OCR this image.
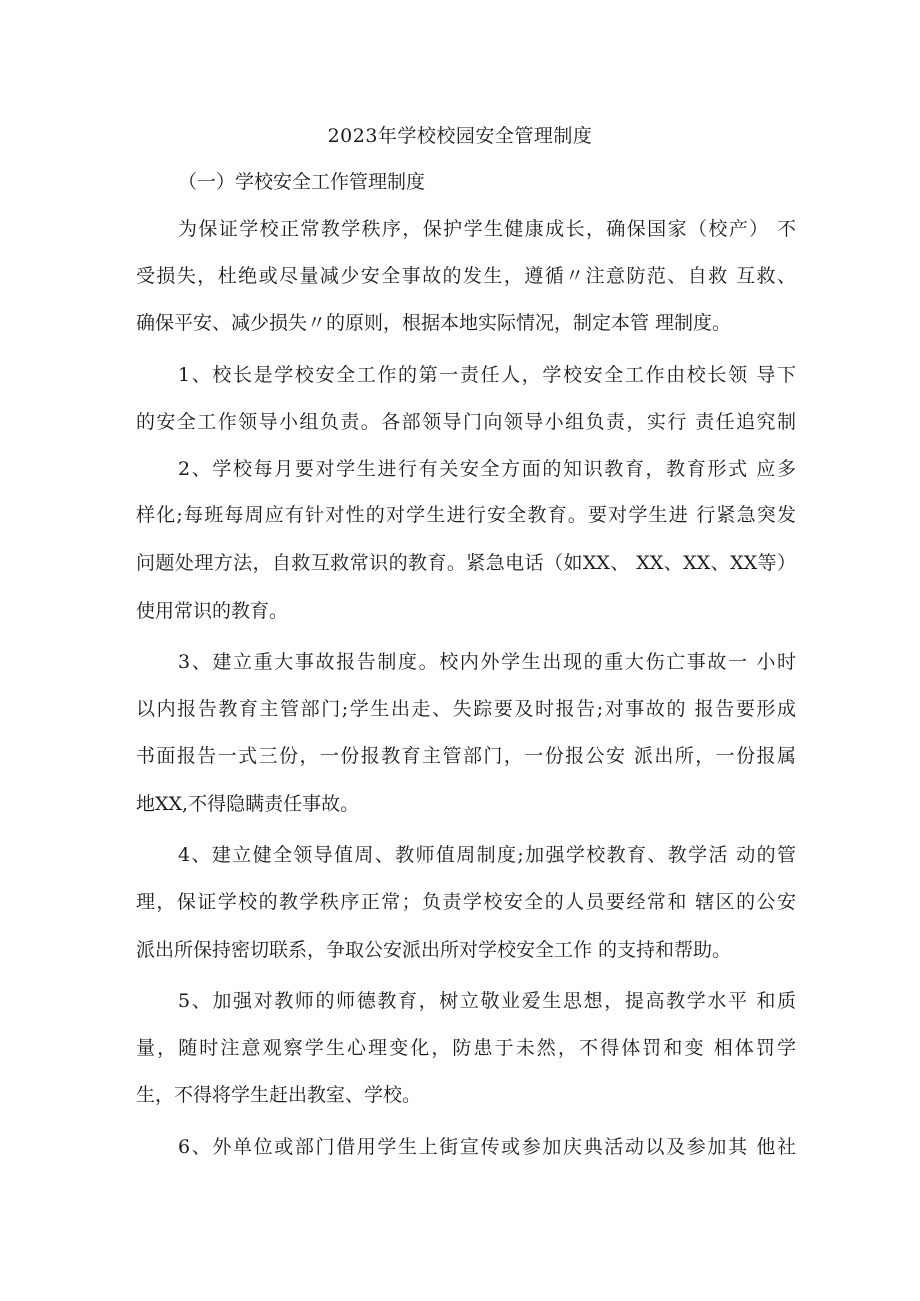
2023年学校校园安全管理制度
（一）学校安全工作管理制度
为保证学校正常教学秩序，保护学生健康成长，确保国家（校产） 不
受损失，杜绝或尽量减少安全事故的发生，遵循〃注意防范、自救 互救、
确保平安、减少损失〃的原则，根据本地实际情况，制定本管 理制度。
1、校长是学校安全工作的第一责任人，学校安全工作由校长领 导下
的安全工作领导小组负责。各部领导门向领导小组负责，实行 责任追究制
2、学校每月要对学生进行有关安全方面的知识教育，教育形式 应多
样化;每班每周应有针对性的对学生进行安全教育。要对学生进 行紧急突发
问题处理方法，自救互救常识的教育。紧急电话（如XX、 XX、XX、XX等）
使用常识的教育。
3、建立重大事故报告制度。校内外学生出现的重大伤亡事故一 小时
以内报告教育主管部门;学生出走、失踪要及时报告;对事故的 报告要形成
书面报告一式三份，一份报教育主管部门，一份报公安 派出所，一份报属
地XX,不得隐瞒责任事故。
4、建立健全领导值周、教师值周制度;加强学校教育、教学活 动的管
理，保证学校的教学秩序正常；负责学校安全的人员要经常和 辖区的公安
派出所保持密切联系，争取公安派出所对学校安全工作 的支持和帮助。
5、加强对教师的师德教育，树立敬业爱生思想，提高教学水平 和质
量，随时注意观察学生心理变化，防患于未然，不得体罚和变 相体罚学
生，不得将学生赶出教室、学校。
6、外单位或部门借用学生上街宣传或参加庆典活动以及参加其 他社
